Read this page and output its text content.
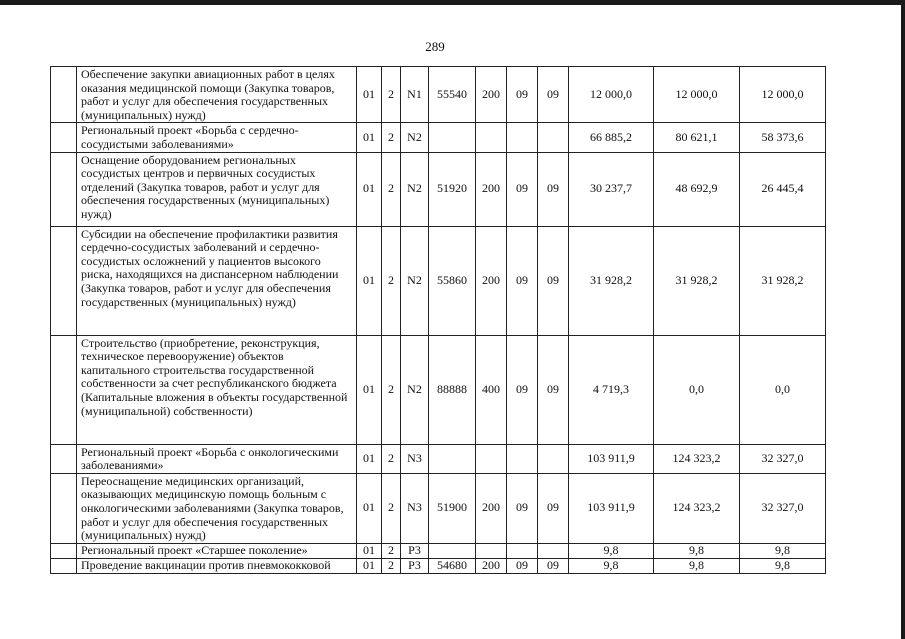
289
	Обеспечение закупки авиационных работ в целях оказания медицинской помощи (Закупка товаров, работ и услуг для обеспечения государственных (муниципальных) нужд)	01	2	N1	55540	200	09	09	12 000,0	12 000,0	12 000,0
	Региональный проект «Борьба с сердечно-сосудистыми заболеваниями»	01	2	N2					66 885,2	80 621,1	58 373,6
	Оснащение оборудованием региональных сосудистых центров и первичных сосудистых отделений (Закупка товаров, работ и услуг для обеспечения государственных (муниципальных) нужд)	01	2	N2	51920	200	09	09	30 237,7	48 692,9	26 445,4
	Субсидии на обеспечение профилактики развития сердечно-сосудистых заболеваний и сердечно-сосудистых осложнений у пациентов высокого риска, находящихся на диспансерном наблюдении (Закупка товаров, работ и услуг для обеспечения государственных (муниципальных) нужд)	01	2	N2	55860	200	09	09	31 928,2	31 928,2	31 928,2
	Строительство (приобретение, реконструкция, техническое перевооружение) объектов капитального строительства государственной собственности за счет республиканского бюджета (Капитальные вложения в объекты государственной (муниципальной) собственности)	01	2	N2	88888	400	09	09	4 719,3	0,0	0,0
	Региональный проект «Борьба с онкологическими заболеваниями»	01	2	N3					103 911,9	124 323,2	32 327,0
	Переоснащение медицинских организаций, оказывающих медицинскую помощь больным с онкологическими заболеваниями (Закупка товаров, работ и услуг для обеспечения государственных (муниципальных) нужд)	01	2	N3	51900	200	09	09	103 911,9	124 323,2	32 327,0
	Региональный проект «Старшее поколение»	01	2	P3					9,8	9,8	9,8
	Проведение вакцинации против пневмококковой	01	2	P3	54680	200	09	09	9,8	9,8	9,8
